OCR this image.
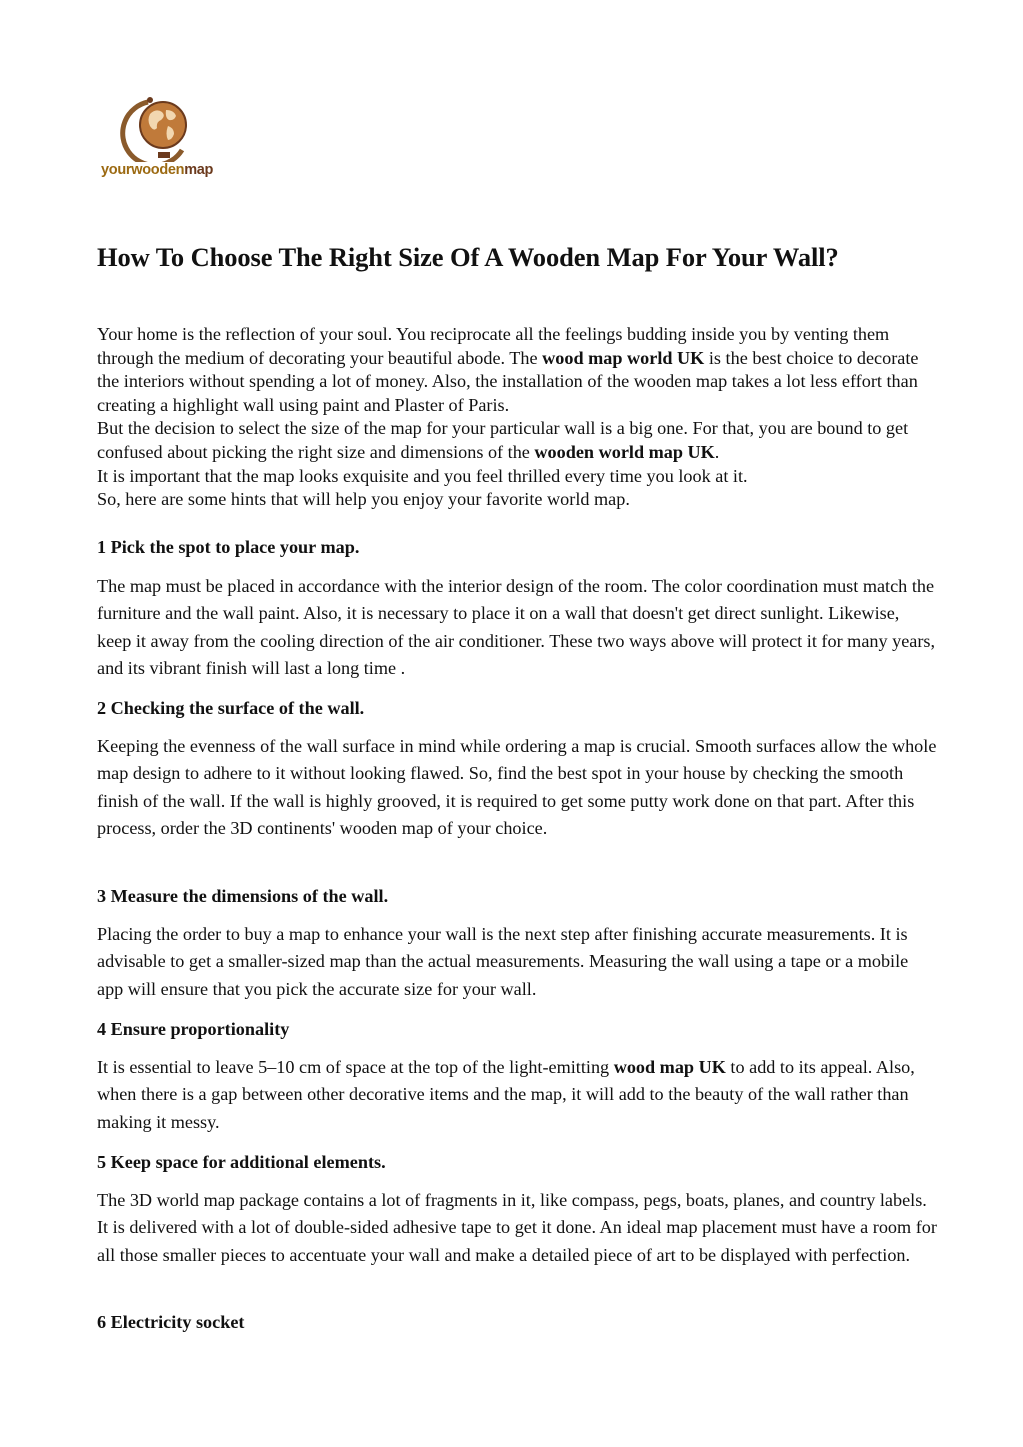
yourwoodenmap
How To Choose The Right Size Of A Wooden Map For Your Wall?

Your home is the reflection of your soul. You reciprocate all the feelings budding inside you by venting them through the medium of decorating your beautiful abode. The wood map world UK is the best choice to decorate the interiors without spending a lot of money. Also, the installation of the wooden map takes a lot less effort than creating a highlight wall using paint and Plaster of Paris.

But the decision to select the size of the map for your particular wall is a big one. For that, you are bound to get confused about picking the right size and dimensions of the wooden world map UK.

It is important that the map looks exquisite and you feel thrilled every time you look at it.

So, here are some hints that will help you enjoy your favorite world map.

1 Pick the spot to place your map.

The map must be placed in accordance with the interior design of the room. The color coordination must match the furniture and the wall paint. Also, it is necessary to place it on a wall that doesn't get direct sunlight. Likewise, keep it away from the cooling direction of the air conditioner. These two ways above will protect it for many years, and its vibrant finish will last a long time .

2 Checking the surface of the wall.

Keeping the evenness of the wall surface in mind while ordering a map is crucial. Smooth surfaces allow the whole map design to adhere to it without looking flawed. So, find the best spot in your house by checking the smooth finish of the wall. If the wall is highly grooved, it is required to get some putty work done on that part. After this process, order the 3D continents' wooden map of your choice.

3 Measure the dimensions of the wall.

Placing the order to buy a map to enhance your wall is the next step after finishing accurate measurements. It is advisable to get a smaller-sized map than the actual measurements. Measuring the wall using a tape or a mobile app will ensure that you pick the accurate size for your wall.

4 Ensure proportionality

It is essential to leave 5–10 cm of space at the top of the light-emitting wood map UK to add to its appeal. Also, when there is a gap between other decorative items and the map, it will add to the beauty of the wall rather than making it messy.

5 Keep space for additional elements.

The 3D world map package contains a lot of fragments in it, like compass, pegs, boats, planes, and country labels. It is delivered with a lot of double-sided adhesive tape to get it done. An ideal map placement must have a room for all those smaller pieces to accentuate your wall and make a detailed piece of art to be displayed with perfection.

6 Electricity socket
